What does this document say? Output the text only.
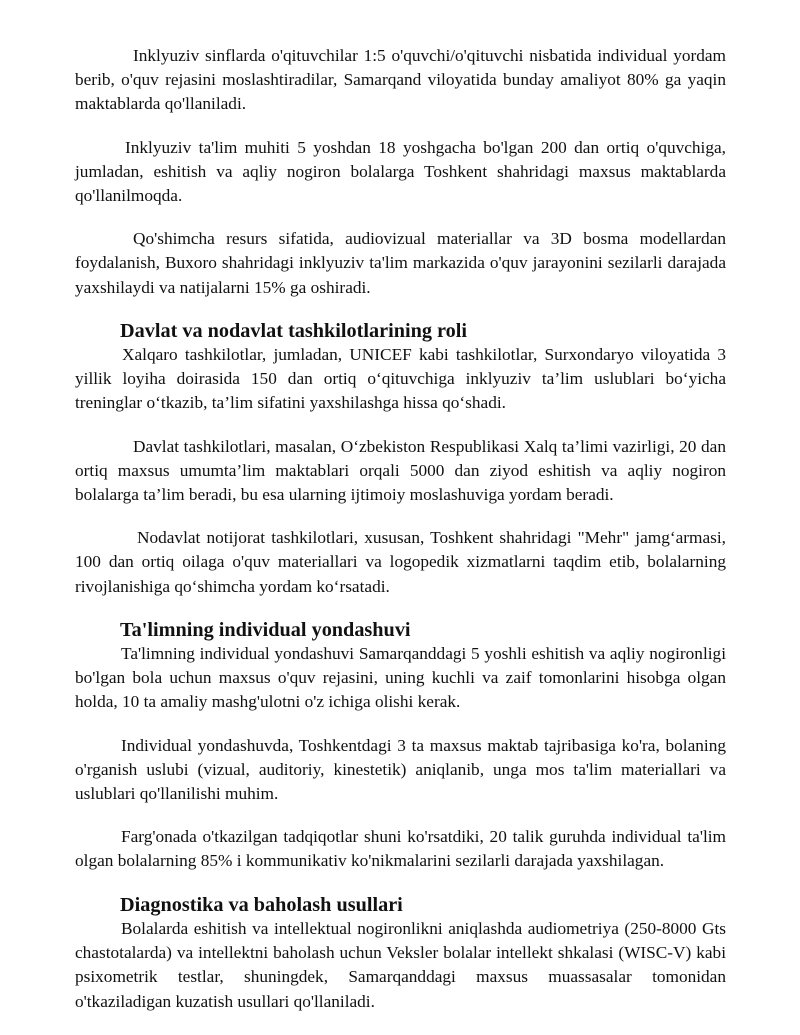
Inklyuziv sinflarda o'qituvchilar 1:5 o'quvchi/o'qituvchi nisbatida individual yordam berib, o'quv rejasini moslashtiradilar, Samarqand viloyatida bunday amaliyot 80% ga yaqin maktablarda qo'llaniladi.

Inklyuziv ta'lim muhiti 5 yoshdan 18 yoshgacha bo'lgan 200 dan ortiq o'quvchiga, jumladan, eshitish va aqliy nogiron bolalarga Toshkent shahridagi maxsus maktablarda qo'llanilmoqda.

Qo'shimcha resurs sifatida, audiovizual materiallar va 3D bosma modellardan foydalanish, Buxoro shahridagi inklyuziv ta'lim markazida o'quv jarayonini sezilarli darajada yaxshilaydi va natijalarni 15% ga oshiradi.

Davlat va nodavlat tashkilotlarining roli

Xalqaro tashkilotlar, jumladan, UNICEF kabi tashkilotlar, Surxondaryo viloyatida 3 yillik loyiha doirasida 150 dan ortiq o‘qituvchiga inklyuziv ta’lim uslublari bo‘yicha treninglar o‘tkazib, ta’lim sifatini yaxshilashga hissa qo‘shadi.

Davlat tashkilotlari, masalan, O‘zbekiston Respublikasi Xalq ta’limi vazirligi, 20 dan ortiq maxsus umumta’lim maktablari orqali 5000 dan ziyod eshitish va aqliy nogiron bolalarga ta’lim beradi, bu esa ularning ijtimoiy moslashuviga yordam beradi.

Nodavlat notijorat tashkilotlari, xususan, Toshkent shahridagi "Mehr" jamg‘armasi, 100 dan ortiq oilaga o'quv materiallari va logopedik xizmatlarni taqdim etib, bolalarning rivojlanishiga qo‘shimcha yordam ko‘rsatadi.

Ta'limning individual yondashuvi

Ta'limning individual yondashuvi Samarqanddagi 5 yoshli eshitish va aqliy nogironligi bo'lgan bola uchun maxsus o'quv rejasini, uning kuchli va zaif tomonlarini hisobga olgan holda, 10 ta amaliy mashg'ulotni o'z ichiga olishi kerak.

Individual yondashuvda, Toshkentdagi 3 ta maxsus maktab tajribasiga ko'ra, bolaning o'rganish uslubi (vizual, auditoriy, kinestetik) aniqlanib, unga mos ta'lim materiallari va uslublari qo'llanilishi muhim.

Farg'onada o'tkazilgan tadqiqotlar shuni ko'rsatdiki, 20 talik guruhda individual ta'lim olgan bolalarning 85% i kommunikativ ko'nikmalarini sezilarli darajada yaxshilagan.

Diagnostika va baholash usullari

Bolalarda eshitish va intellektual nogironlikni aniqlashda audiometriya (250-8000 Gts chastotalarda) va intellektni baholash uchun Veksler bolalar intellekt shkalasi (WISC-V) kabi psixometrik testlar, shuningdek, Samarqanddagi maxsus muassasalar tomonidan o'tkaziladigan kuzatish usullari qo'llaniladi.
